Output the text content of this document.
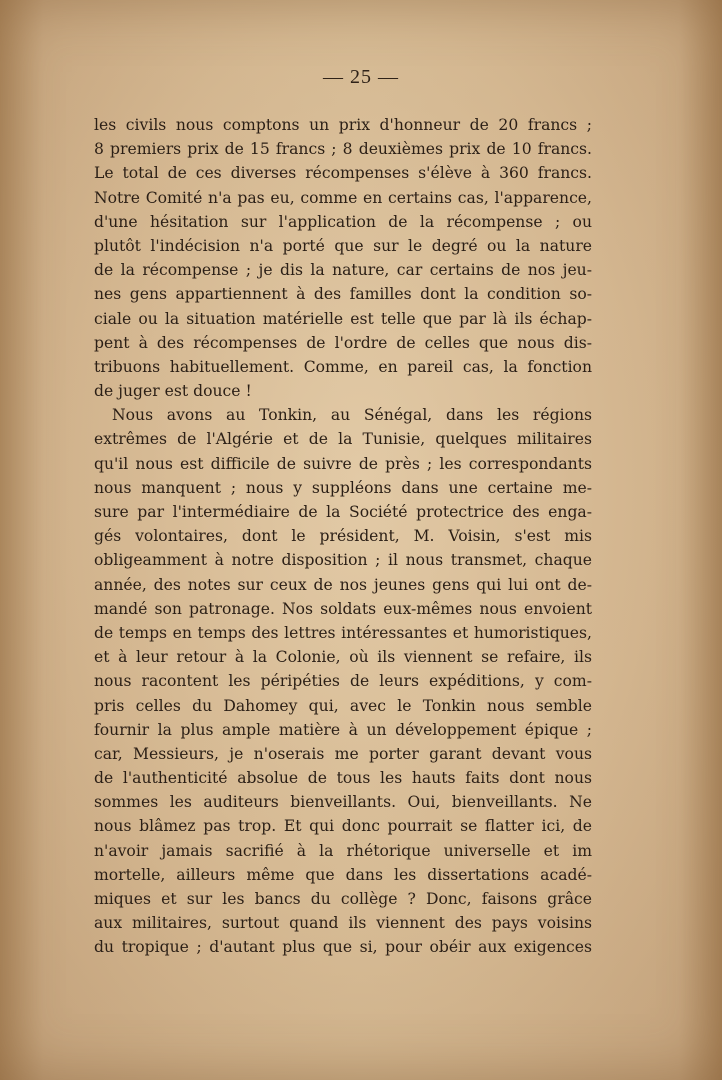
— 25 —
les civils nous comptons un prix d'honneur de 20 francs ;
8 premiers prix de 15 francs ; 8 deuxièmes prix de 10 francs.
Le total de ces diverses récompenses s'élève à 360 francs.
Notre Comité n'a pas eu, comme en certains cas, l'apparence,
d'une hésitation sur l'application de la récompense ; ou
plutôt l'indécision n'a porté que sur le degré ou la nature
de la récompense ; je dis la nature, car certains de nos jeu-
nes gens appartiennent à des familles dont la condition so-
ciale ou la situation matérielle est telle que par là ils échap-
pent à des récompenses de l'ordre de celles que nous dis-
tribuons habituellement. Comme, en pareil cas, la fonction
de juger est douce !
Nous avons au Tonkin, au Sénégal, dans les régions
extrêmes de l'Algérie et de la Tunisie, quelques militaires
qu'il nous est difficile de suivre de près ; les correspondants
nous manquent ; nous y suppléons dans une certaine me-
sure par l'intermédiaire de la Société protectrice des enga-
gés volontaires, dont le président, M. Voisin, s'est mis
obligeamment à notre disposition ; il nous transmet, chaque
année, des notes sur ceux de nos jeunes gens qui lui ont de-
mandé son patronage. Nos soldats eux-mêmes nous envoient
de temps en temps des lettres intéressantes et humoristiques,
et à leur retour à la Colonie, où ils viennent se refaire, ils
nous racontent les péripéties de leurs expéditions, y com-
pris celles du Dahomey qui, avec le Tonkin nous semble
fournir la plus ample matière à un développement épique ;
car, Messieurs, je n'oserais me porter garant devant vous
de l'authenticité absolue de tous les hauts faits dont nous
sommes les auditeurs bienveillants. Oui, bienveillants. Ne
nous blâmez pas trop. Et qui donc pourrait se flatter ici, de
n'avoir jamais sacrifié à la rhétorique universelle et im
mortelle, ailleurs même que dans les dissertations acadé-
miques et sur les bancs du collège ? Donc, faisons grâce
aux militaires, surtout quand ils viennent des pays voisins
du tropique ; d'autant plus que si, pour obéir aux exigences
